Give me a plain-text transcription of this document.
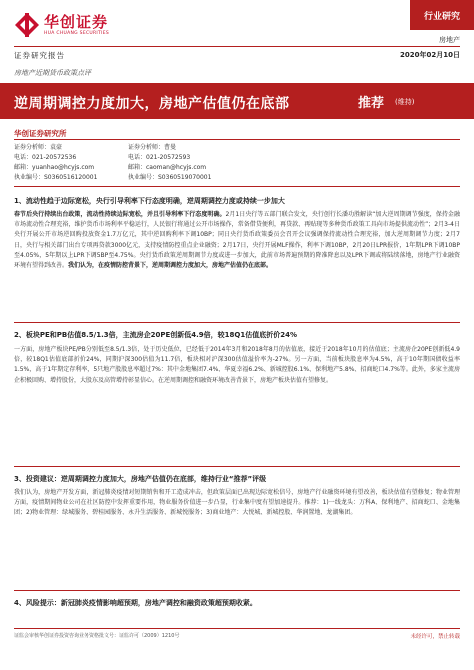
华创证券
HUA CHUANG SECURITIES
行业研究
房地产
证券研究报告	2020年02月10日
房地产近期货币政策点评
逆周期调控力度加大，房地产估值仍在底部	推荐 (维持)
华创证券研究所
证券分析师：袁豪
电话：021-20572536
邮箱：yuanhao@hcyjs.com
执业编号：S0360516120001
证券分析师：曹曼
电话：021-20572593
邮箱：caoman@hcyjs.com
执业编号：S0360519070001
1、流动性趋于边际宽松，央行引导利率下行态度明确，逆周期调控力度或持续一步加大
春节后央行持续出台政策，流动性持续边际宽松，并且引导利率下行态度明确。2月1日央行等五部门联合发文，央行创行长潘功胜解读“加大逆周期调节强度，保持金融市场流动性合理充裕，维护货币市场利率平稳运行，人民银行将通过公开市场操作，常备借贷便利，再贷款、再贴现等多种货币政策工具向市场提供流动性”；2月3-4日央行开展公开市场逆回购投放资金1.7万亿元，其中逆回购利率下调10BP；同日央行货币政策委员会召开会议强调保持流动性合理充裕，加大逆周期调节力度；2月7日，央行与相关部门出台专项再贷款3000亿元，支持疫情防控重点企业融资；2月17日，央行开展MLF操作，利率下调10BP，2月20日LPR报价，1年期LPR下调10BP至4.05%，5年期以上LPR下调5BP至4.75%。央行货币政策逆周期调节力度或进一步加大，此前市场普遍预期的降准降息以及LPR下调或将陆续落地，房地产行业融资环境有望得到改善。我们认为，在疫情防控背景下，逆周期调控力度加大，房地产估值仍在底部。
2、板块PE和PB估值8.5/1.3倍，主流房企20PE创新低4.9倍，较18Q1估值底折价24%
一方面，房地产板块PE/PB分别低至8.5/1.3倍，处于历史低位，已经低于2014年3月和2018年8月的估值底，接近于2018年10月的估值底；主流房企20PE创新低4.9倍，较18Q1估值底部折价24%，同期沪深300估值为11.7倍，板块相对沪深300估值溢价率为-27%。另一方面，当前板块股息率为4.5%，高于10年期国债收益率1.5%，高于1年期定存利率，5只地产股股息率超过7%：其中金地集团7.4%、华夏幸福6.2%、新城控股6.1%、保利地产5.8%、招商蛇口4.7%等。此外，多家主流房企积极回购、增持股份，大股东及高管增持彰显信心。在逆周期调控和融资环境改善背景下，房地产板块估值有望修复。
3、投资建议：逆周期调控力度加大，房地产估值仍在底部，维持行业“推荐”评级
我们认为，房地产开发方面，新冠肺炎疫情对短期销售和开工造成冲击，但政策层面已出现边际宽松信号，房地产行业融资环境有望改善，板块估值有望修复；物业管理方面，疫情期间物业公司在社区防控中发挥重要作用，物业服务价值进一步凸显，行业集中度有望加速提升。推荐：1)一线龙头：万科A、保利地产、招商蛇口、金地集团；2)物业管理：绿城服务、碧桂园服务、永升生活服务、新城悦服务；3)商业地产：大悦城、新城控股、华润置地、龙湖集团。
4、风险提示：新冠肺炎疫情影响超预期，房地产调控和融资政策超预期收紧。
证监会审核华创证券投资咨询业务资格批文号：证监许可（2009）1210号	未经许可，禁止转载
